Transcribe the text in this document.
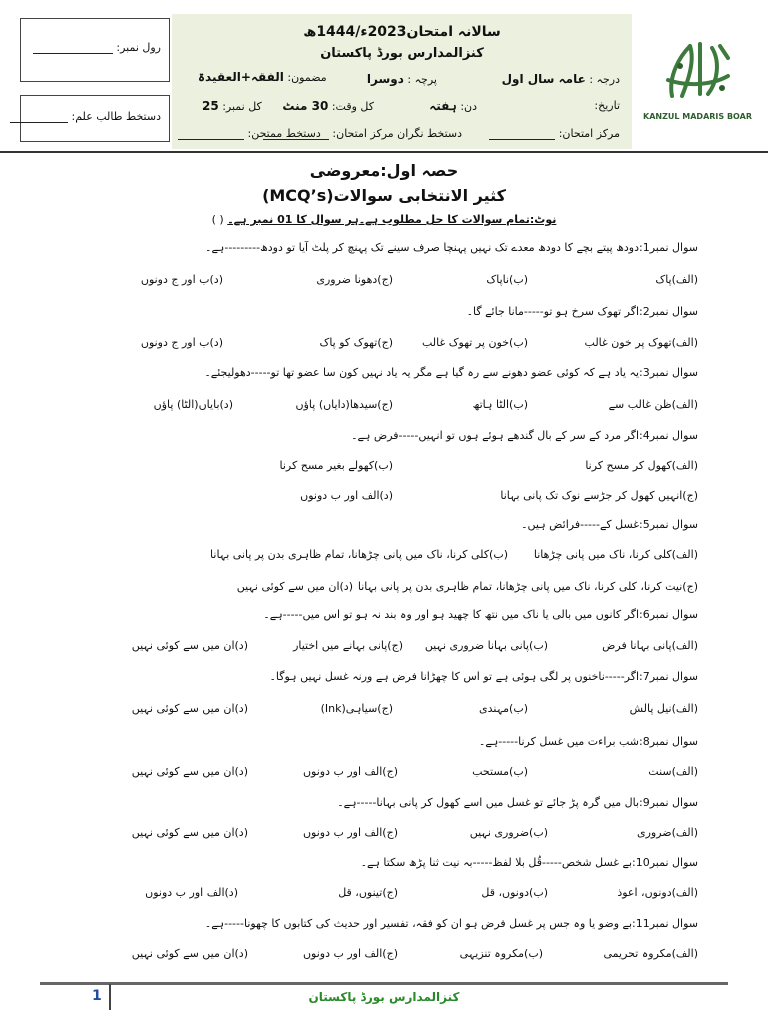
رول نمبر:
دستخط طالب علم:
سالانہ امتحان2023ء/1444ھ
کنزالمدارس بورڈ پاکستان
درجہ : عامہ سال اول
پرچہ : دوسرا
مضمون: الفقہ+العقیدۃ
تاریخ:
دن: ہفتہ
کل وقت: 30 منٹ
کل نمبر: 25
مرکز امتحان:
دستخط نگران مرکز امتحان:
دستخط ممتحن:
KANZUL MADARIS BOAR
حصہ اول:معروضی
کثیر الانتخابی سوالات(MCQ’s)
نوٹ:تمام سوالات کا حل مطلوب ہے۔ہر سوال کا 01 نمبر ہے۔ ( )
سوال نمبر1:دودھ پیتے بچے کا دودھ معدے تک نہیں پہنچا صرف سینے تک پہنچ کر پلٹ آیا تو دودھ---------ہے۔
(الف)پاک
(ب)ناپاک
(ج)دھونا ضروری
(د)ب اور ج دونوں
سوال نمبر2:اگر تھوک سرخ ہو تو-----مانا جائے گا۔
(الف)تھوک پر خون غالب
(ب)خون پر تھوک غالب
(ج)تھوک کو پاک
(د)ب اور ج دونوں
سوال نمبر3:یہ یاد ہے کہ کوئی عضو دھونے سے رہ گیا ہے مگر یہ یاد نہیں کون سا عضو تھا تو-----دھولیجئے۔
(الف)ظن غالب سے
(ب)الٹا ہاتھ
(ج)سیدھا(دایاں) پاؤں
(د)بایاں(الٹا) پاؤں
سوال نمبر4:اگر مرد کے سر کے بال گندھے ہوئے ہوں تو انہیں-----فرض ہے۔
(الف)کھول کر مسح کرنا
(ب)کھولے بغیر مسح کرنا
(ج)انہیں کھول کر جڑسے نوک تک پانی بہانا
(د)الف اور ب دونوں
سوال نمبر5:غسل کے-----فرائض ہیں۔
(الف)کلی کرنا، ناک میں پانی چڑھانا
(ب)کلی کرنا، ناک میں پانی چڑھانا، تمام ظاہری بدن پر پانی بہانا
(ج)نیت کرنا، کلی کرنا، ناک میں پانی چڑھانا، تمام ظاہری بدن پر پانی بہانا
(د)ان میں سے کوئی نہیں
سوال نمبر6:اگر کانوں میں بالی یا ناک میں نتھ کا چھید ہو اور وہ بند نہ ہو تو اس میں-----ہے۔
(الف)پانی بہانا فرض
(ب)پانی بہانا ضروری نہیں
(ج)پانی بہانے میں اختیار
(د)ان میں سے کوئی نہیں
سوال نمبر7:اگر-----ناخنوں پر لگی ہوئی ہے تو اس کا چھڑانا فرض ہے ورنہ غسل نہیں ہوگا۔
(الف)نیل پالش
(ب)مہندی
(ج)سیاہی(Ink)
(د)ان میں سے کوئی نہیں
سوال نمبر8:شب براءت میں غسل کرنا-----ہے۔
(الف)سنت
(ب)مستحب
(ج)الف اور ب دونوں
(د)ان میں سے کوئی نہیں
سوال نمبر9:بال میں گرہ پڑ جائے تو غسل میں اسے کھول کر پانی بہانا-----ہے۔
(الف)ضروری
(ب)ضروری نہیں
(ج)الف اور ب دونوں
(د)ان میں سے کوئی نہیں
سوال نمبر10:بے غسل شخص-----قُل بلا لفظ-----بہ نیت ثنا پڑھ سکتا ہے۔
(الف)دونوں، اعوذ
(ب)دونوں، قل
(ج)تینوں، قل
(د)الف اور ب دونوں
سوال نمبر11:بے وضو یا وہ جس پر غسل فرض ہو ان کو فقہ، تفسیر اور حدیث کی کتابوں کا چھونا-----ہے۔
(الف)مکروہ تحریمی
(ب)مکروہ تنزیہی
(ج)الف اور ب دونوں
(د)ان میں سے کوئی نہیں
1	کنزالمدارس بورڈ پاکستان
